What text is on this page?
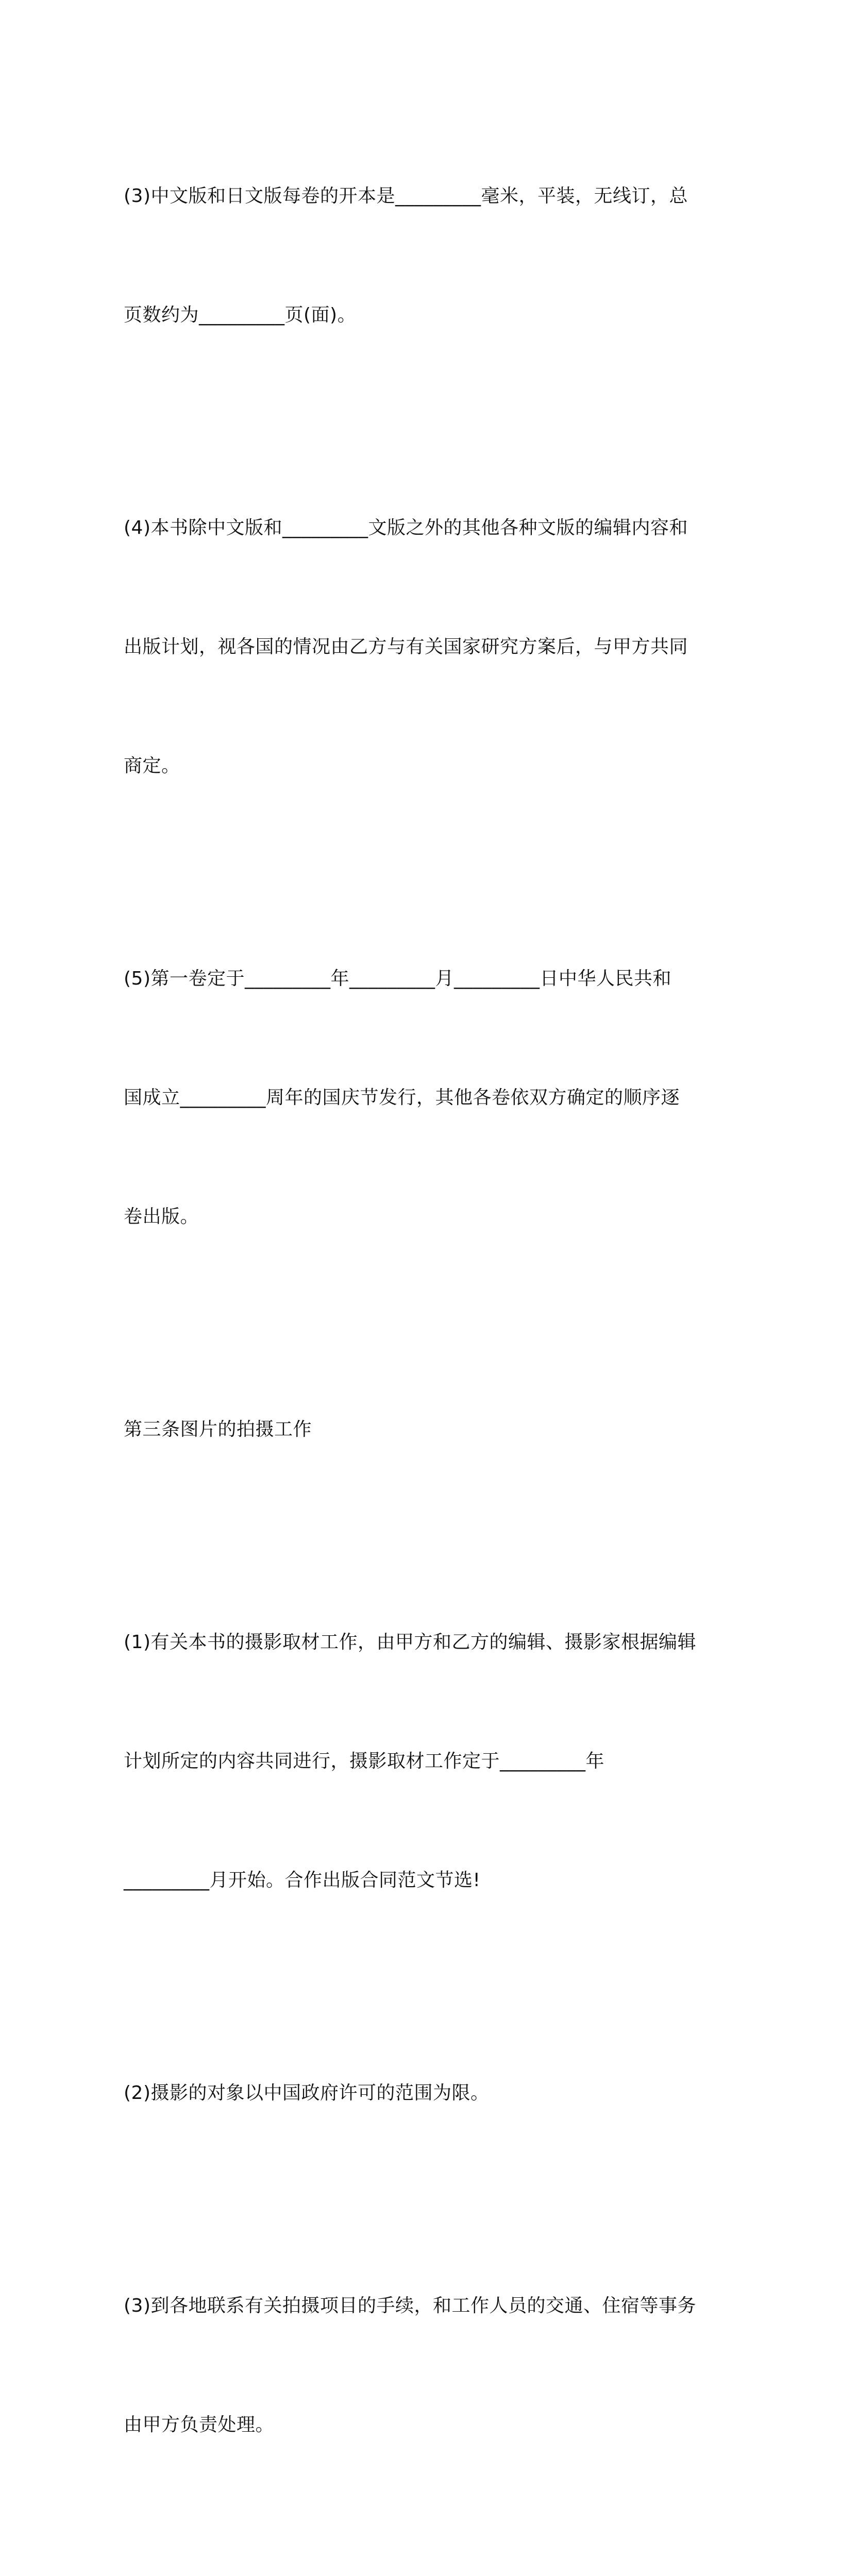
(3)中文版和日文版每卷的开本是_________毫米，平装，无线订，总

页数约为_________页(面)。

(4)本书除中文版和_________文版之外的其他各种文版的编辑内容和

出版计划，视各国的情况由乙方与有关国家研究方案后，与甲方共同

商定。

(5)第一卷定于_________年_________月_________日中华人民共和

国成立_________周年的国庆节发行，其他各卷依双方确定的顺序逐

卷出版。

第三条图片的拍摄工作

(1)有关本书的摄影取材工作，由甲方和乙方的编辑、摄影家根据编辑

计划所定的内容共同进行，摄影取材工作定于_________年

_________月开始。合作出版合同范文节选!

(2)摄影的对象以中国政府许可的范围为限。

(3)到各地联系有关拍摄项目的手续，和工作人员的交通、住宿等事务

由甲方负责处理。
